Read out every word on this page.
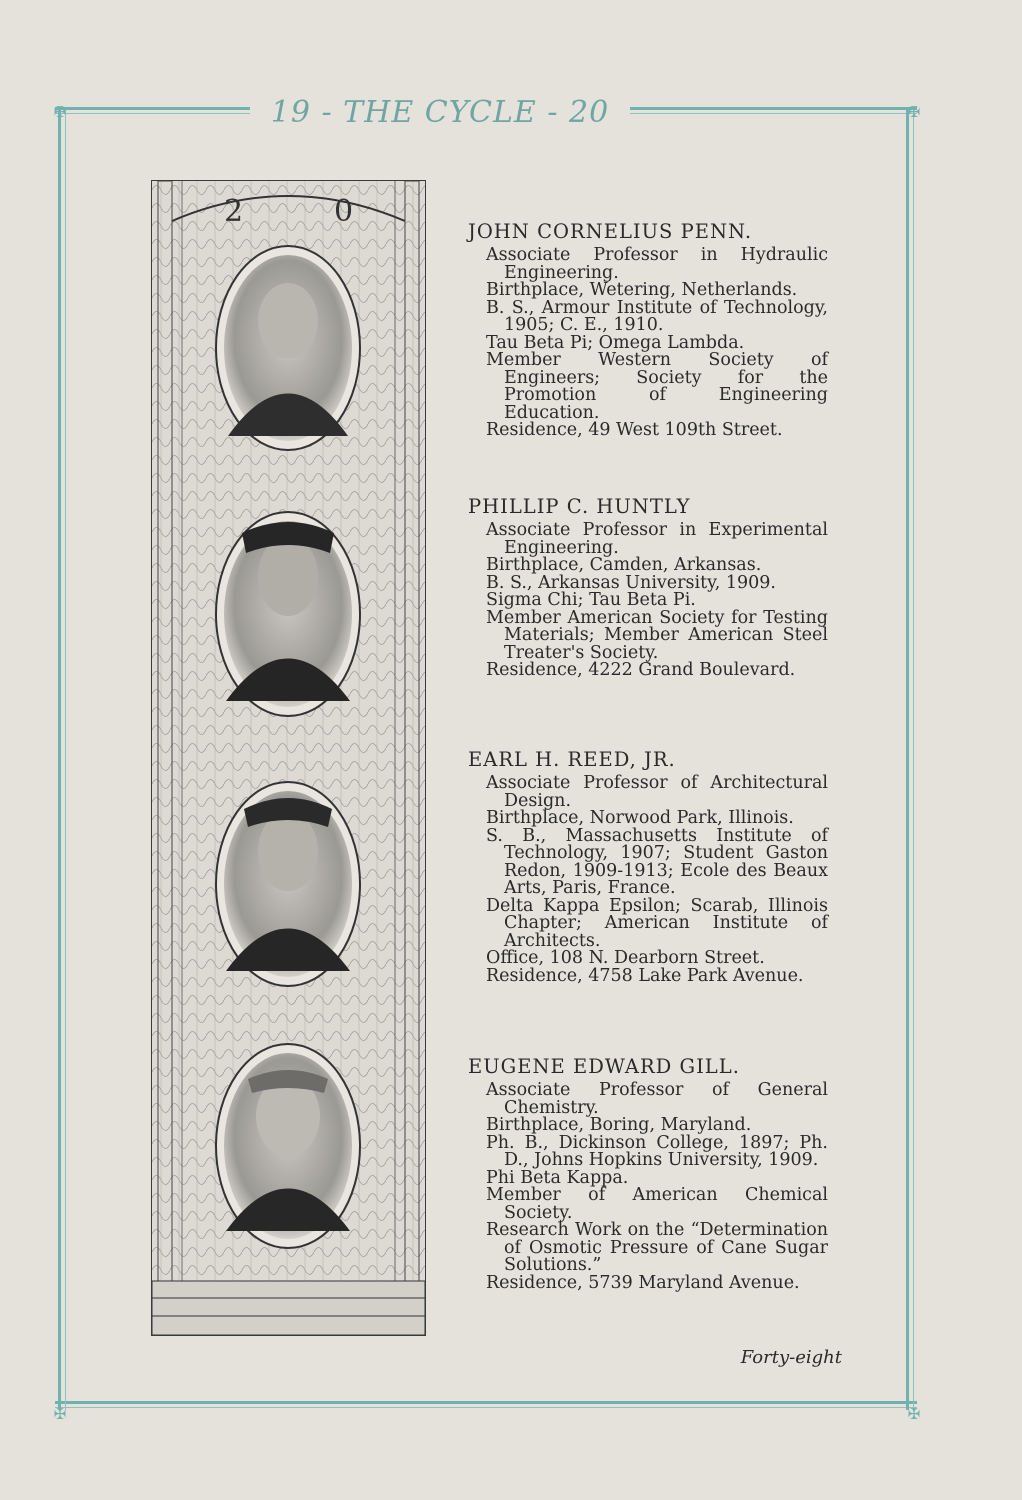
✠	✠
✠	✠
19 - THE CYCLE - 20
2	0

JOHN CORNELIUS PENN.

Associate Professor in Hydraulic Engineering.

Birthplace, Wetering, Netherlands.

B. S., Armour Institute of Technology, 1905; C. E., 1910.

Tau Beta Pi; Omega Lambda.

Member Western Society of Engineers; Society for the Promotion of Engineering Education.

Residence, 49 West 109th Street.

PHILLIP C. HUNTLY

Associate Professor in Experimental Engineering.

Birthplace, Camden, Arkansas.

B. S., Arkansas University, 1909.

Sigma Chi; Tau Beta Pi.

Member American Society for Testing Materials; Member American Steel Treater's Society.

Residence, 4222 Grand Boulevard.

EARL H. REED, JR.

Associate Professor of Architectural Design.

Birthplace, Norwood Park, Illinois.

S. B., Massachusetts Institute of Technology, 1907; Student Gaston Redon, 1909-1913; Ecole des Beaux Arts, Paris, France.

Delta Kappa Epsilon; Scarab, Illinois Chapter; American Institute of Architects.

Office, 108 N. Dearborn Street.

Residence, 4758 Lake Park Avenue.

EUGENE EDWARD GILL.

Associate Professor of General Chemistry.

Birthplace, Boring, Maryland.

Ph. B., Dickinson College, 1897; Ph. D., Johns Hopkins University, 1909.

Phi Beta Kappa.

Member of American Chemical Society.

Research Work on the “Determination of Osmotic Pressure of Cane Sugar Solutions.”

Residence, 5739 Maryland Avenue.

Forty-eight
